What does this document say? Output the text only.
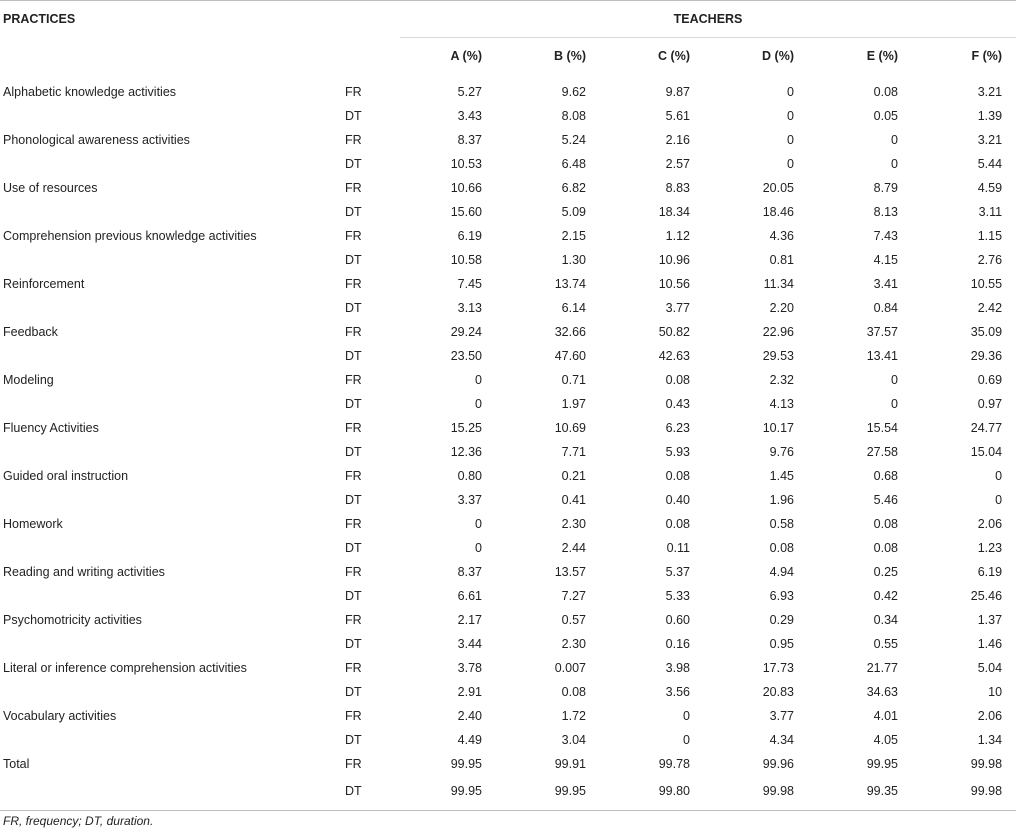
PRACTICES		TEACHERS					
		A (%)	B (%)	C (%)	D (%)	E (%)	F (%)
Alphabetic knowledge activities	FR	5.27	9.62	9.87	0	0.08	3.21
	DT	3.43	8.08	5.61	0	0.05	1.39
Phonological awareness activities	FR	8.37	5.24	2.16	0	0	3.21
	DT	10.53	6.48	2.57	0	0	5.44
Use of resources	FR	10.66	6.82	8.83	20.05	8.79	4.59
	DT	15.60	5.09	18.34	18.46	8.13	3.11
Comprehension previous knowledge activities	FR	6.19	2.15	1.12	4.36	7.43	1.15
	DT	10.58	1.30	10.96	0.81	4.15	2.76
Reinforcement	FR	7.45	13.74	10.56	11.34	3.41	10.55
	DT	3.13	6.14	3.77	2.20	0.84	2.42
Feedback	FR	29.24	32.66	50.82	22.96	37.57	35.09
	DT	23.50	47.60	42.63	29.53	13.41	29.36
Modeling	FR	0	0.71	0.08	2.32	0	0.69
	DT	0	1.97	0.43	4.13	0	0.97
Fluency Activities	FR	15.25	10.69	6.23	10.17	15.54	24.77
	DT	12.36	7.71	5.93	9.76	27.58	15.04
Guided oral instruction	FR	0.80	0.21	0.08	1.45	0.68	0
	DT	3.37	0.41	0.40	1.96	5.46	0
Homework	FR	0	2.30	0.08	0.58	0.08	2.06
	DT	0	2.44	0.11	0.08	0.08	1.23
Reading and writing activities	FR	8.37	13.57	5.37	4.94	0.25	6.19
	DT	6.61	7.27	5.33	6.93	0.42	25.46
Psychomotricity activities	FR	2.17	0.57	0.60	0.29	0.34	1.37
	DT	3.44	2.30	0.16	0.95	0.55	1.46
Literal or inference comprehension activities	FR	3.78	0.007	3.98	17.73	21.77	5.04
	DT	2.91	0.08	3.56	20.83	34.63	10
Vocabulary activities	FR	2.40	1.72	0	3.77	4.01	2.06
	DT	4.49	3.04	0	4.34	4.05	1.34
Total	FR	99.95	99.91	99.78	99.96	99.95	99.98
	DT	99.95	99.95	99.80	99.98	99.35	99.98
FR, frequency; DT, duration.
